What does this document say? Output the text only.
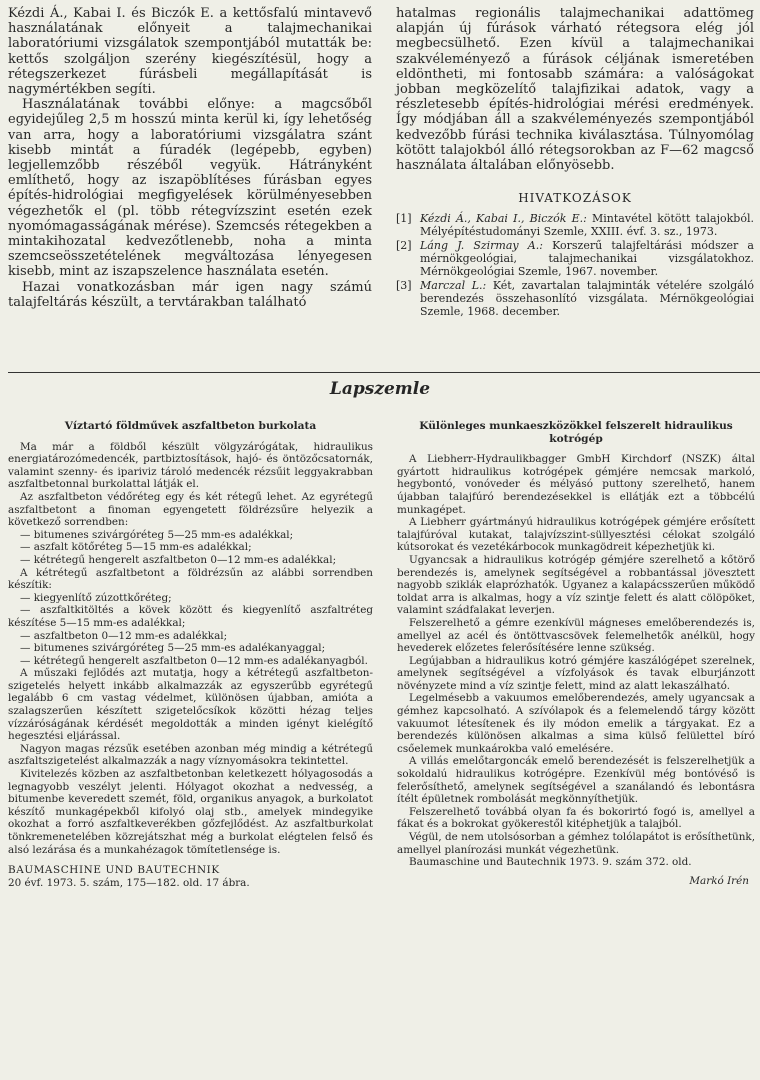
Kézdi Á., Kabai I. és Biczók E. a kettősfalú mintavevő használatának előnyeit a talajmechanikai laboratóriumi vizsgálatok szempontjából mutatták be: kettős szolgáljon szerény kiegészítésül, hogy a rétegszerkezet fúrásbeli megállapítását is nagymértékben segíti.

Használatának további előnye: a magcsőből egyidejűleg 2,5 m hosszú minta kerül ki, így lehetőség van arra, hogy a laboratóriumi vizsgálatra szánt kisebb mintát a fúradék (legépebb, egyben) legjellemzőbb részéből vegyük. Hátrányként említhető, hogy az iszapöblítéses fúrásban egyes építés-hidrológiai megfigyelések körülményesebben végezhetők el (pl. több rétegvízszint esetén ezek nyomómagasságának mérése). Szemcsés rétegekben a mintakihozatal kedvezőtlenebb, noha a minta szemcseösszetételének megváltozása lényegesen kisebb, mint az iszapszelence használata esetén.

Hazai vonatkozásban már igen nagy számú talajfeltárás készült, a tervtárakban található

hatalmas regionális talajmechanikai adattömeg alapján új fúrások várható rétegsora elég jól megbecsülhető. Ezen kívül a talajmechanikai szakvéleményező a fúrások céljának ismeretében eldöntheti, mi fontosabb számára: a valóságokat jobban megközelítő talajfizikai adatok, vagy a részletesebb építés-hidrológiai mérési eredmények. Így módjában áll a szakvéleményezés szempontjából kedvezőbb fúrási technika kiválasztása. Túlnyomólag kötött talajokból álló rétegsorokban az F—62 magcső használata általában előnyösebb.

HIVATKOZÁSOK
[1] Kézdi Á., Kabai I., Biczók E.: Mintavétel kötött talajokból. Mélyépítéstudományi Szemle, XXIII. évf. 3. sz., 1973.
[2] Láng J. Szirmay A.: Korszerű talajfeltárási módszer a mérnökgeológiai, talajmechanikai vizsgálatokhoz. Mérnökgeológiai Szemle, 1967. november.
[3] Marczal L.: Két, zavartalan talajminták vételére szolgáló berendezés összehasonlító vizsgálata. Mérnökgeológiai Szemle, 1968. december.
Lapszemle
Víztartó földművek aszfaltbeton burkolata

Ma már a földből készült völgyzárógátak, hidraulikus energiatározómedencék, partbiztosítások, hajó- és öntözőcsatornák, valamint szenny- és ipariviz tároló medencék rézsűit leggyakrabban aszfaltbetonnal burkolattal látják el.

Az aszfaltbeton védőréteg egy és két rétegű lehet. Az egyrétegű aszfaltbetont a finoman egyengetett földrézsűre helyezik a következő sorrendben:

— bitumenes szivárgóréteg 5—25 mm-es adalékkal;
— aszfalt kötőréteg 5—15 mm-es adalékkal;
— kétrétegű hengerelt aszfaltbeton 0—12 mm-es adalékkal;

A kétrétegű aszfaltbetont a földrézsűn az alábbi sorrendben készítik:

— kiegyenlítő zúzottkőréteg;
— aszfaltkitöltés a kövek között és kiegyenlítő aszfaltréteg készítése 5—15 mm-es adalékkal;
— aszfaltbeton 0—12 mm-es adalékkal;
— bitumenes szivárgóréteg 5—25 mm-es adalékanyaggal;
— kétrétegű hengerelt aszfaltbeton 0—12 mm-es adalékanyagból.

A műszaki fejlődés azt mutatja, hogy a kétrétegű aszfaltbeton-szigetelés helyett inkább alkalmazzák az egyszerűbb egyrétegű legalább 6 cm vastag védelmet, különösen újabban, amióta a szalagszerűen készített szigetelőcsíkok közötti hézag teljes vízzáróságának kérdését megoldották a minden igényt kielégítő hegesztési eljárással.

Nagyon magas rézsűk esetében azonban még mindig a kétrétegű aszfaltszigetelést alkalmazzák a nagy víznyomásokra tekintettel.

Kivitelezés közben az aszfaltbetonban keletkezett hólyagosodás a legnagyobb veszélyt jelenti. Hólyagot okozhat a nedvesség, a bitumenbe keveredett szemét, föld, organikus anyagok, a burkolatot készítő munkagépekből kifolyó olaj stb., amelyek mindegyike okozhat a forró aszfaltkeverékben gőzfejlődést. Az aszfaltburkolat tönkremenetelében közrejátszhat még a burkolat elégtelen felső és alsó lezárása és a munkahézagok tömítetlensége is.

BAUMASCHINE UND BAUTECHNIK

20 évf. 1973. 5. szám, 175—182. old. 17 ábra.

Különleges munkaeszközökkel felszerelt hidraulikus kotrógép

A Liebherr-Hydraulikbagger GmbH Kirchdorf (NSZK) által gyártott hidraulikus kotrógépek gémjére nemcsak markoló, hegybontó, vonóveder és mélyásó puttony szerelhető, hanem újabban talajfúró berendezésekkel is ellátják ezt a többcélú munkagépet.

A Liebherr gyártmányú hidraulikus kotrógépek gémjére erősített talajfúróval kutakat, talajvízszint-süllyesztési célokat szolgáló kútsorokat és vezetékárbocok munkagödreit képezhetjük ki.

Ugyancsak a hidraulikus kotrógép gémjére szerelhető a kőtörő berendezés is, amelynek segítségével a robbantással jövesztett nagyobb sziklák elaprózhatók. Ugyanez a kalapácsszerűen működő toldat arra is alkalmas, hogy a víz szintje felett és alatt cölöpöket, valamint szádfalakat leverjen.

Felszerelhető a gémre ezenkívül mágneses emelőberendezés is, amellyel az acél és öntöttvascsövek felemelhetők anélkül, hogy hevederek előzetes felerősítésére lenne szükség.

Legújabban a hidraulikus kotró gémjére kaszálógépet szerelnek, amelynek segítségével a vízfolyások és tavak elburjánzott növényzete mind a víz szintje felett, mind az alatt lekaszálható.

Legelmésebb a vakuumos emelőberendezés, amely ugyancsak a gémhez kapcsolható. A szívólapok és a felemelendő tárgy között vakuumot létesítenek és ily módon emelik a tárgyakat. Ez a berendezés különösen alkalmas a sima külső felülettel bíró csőelemek munkaárokba való emelésére.

A villás emelőtargoncák emelő berendezését is felszerelhetjük a sokoldalú hidraulikus kotrógépre. Ezenkívül még bontóvéső is felerősíthető, amelynek segítségével a szanálandó és lebontásra ítélt épületnek rombolását megkönnyíthetjük.

Felszerelhető továbbá olyan fa és bokorirtó fogó is, amellyel a fákat és a bokrokat gyökerestől kitéphetjük a talajból.

Végül, de nem utolsósorban a gémhez tolólapátot is erősíthetünk, amellyel planírozási munkát végezhetünk.

Baumaschine und Bautechnik 1973. 9. szám 372. old.

Markó Irén
